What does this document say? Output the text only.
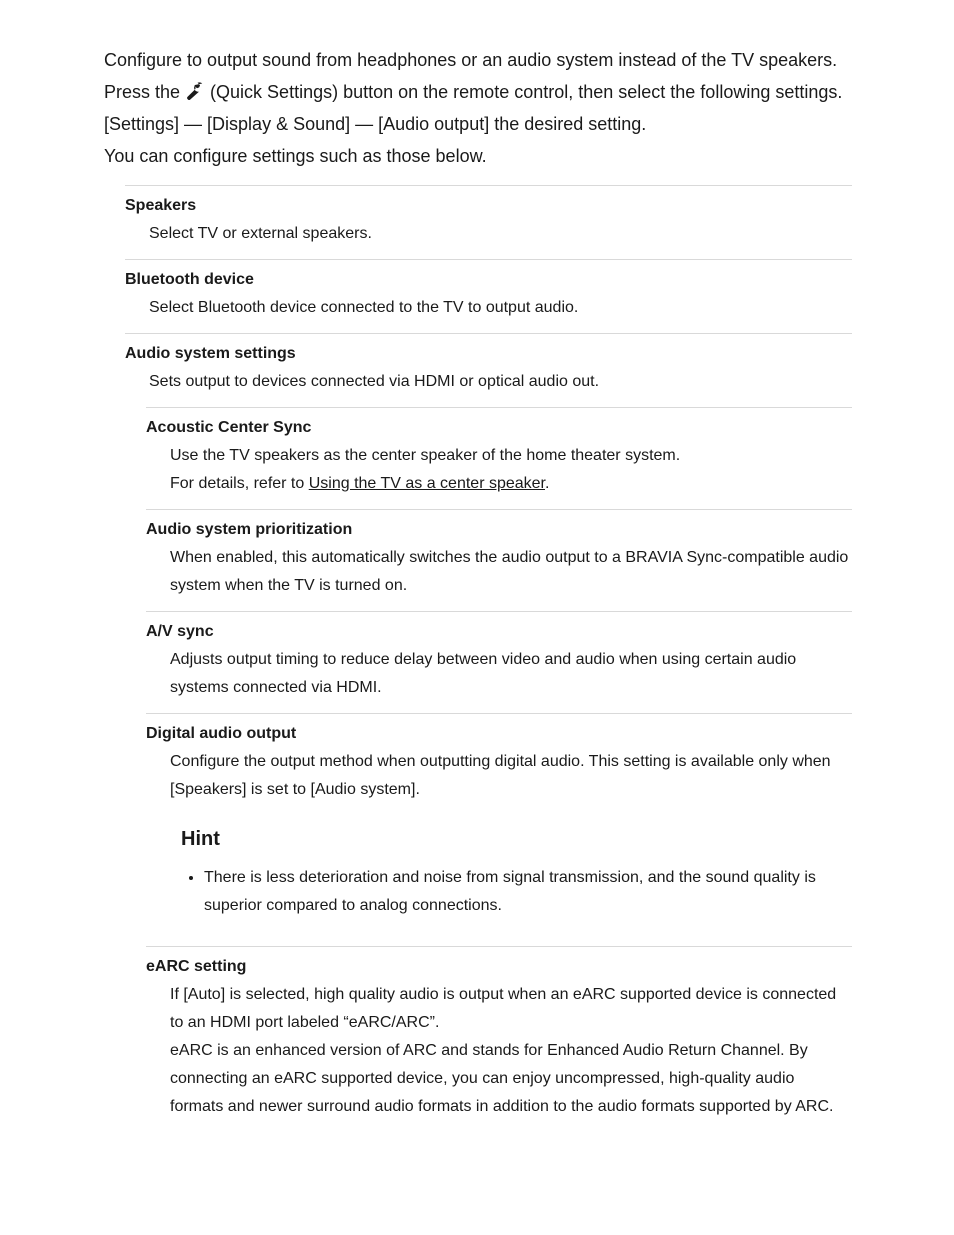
Configure to output sound from headphones or an audio system instead of the TV speakers.

Press the (Quick Settings) button on the remote control, then select the following settings.

[Settings] — [Display & Sound] — [Audio output] the desired setting.

You can configure settings such as those below.

Speakers

Select TV or external speakers.

Bluetooth device

Select Bluetooth device connected to the TV to output audio.

Audio system settings

Sets output to devices connected via HDMI or optical audio out.

Acoustic Center Sync

Use the TV speakers as the center speaker of the home theater system.

For details, refer to Using the TV as a center speaker.

Audio system prioritization

When enabled, this automatically switches the audio output to a BRAVIA Sync-compatible audio system when the TV is turned on.

A/V sync

Adjusts output timing to reduce delay between video and audio when using certain audio systems connected via HDMI.

Digital audio output

Configure the output method when outputting digital audio. This setting is available only when [Speakers] is set to [Audio system].

Hint
• There is less deterioration and noise from signal transmission, and the sound quality is superior compared to analog connections.

eARC setting

If [Auto] is selected, high quality audio is output when an eARC supported device is connected to an HDMI port labeled “eARC/ARC”.

eARC is an enhanced version of ARC and stands for Enhanced Audio Return Channel. By connecting an eARC supported device, you can enjoy uncompressed, high-quality audio formats and newer surround audio formats in addition to the audio formats supported by ARC.
